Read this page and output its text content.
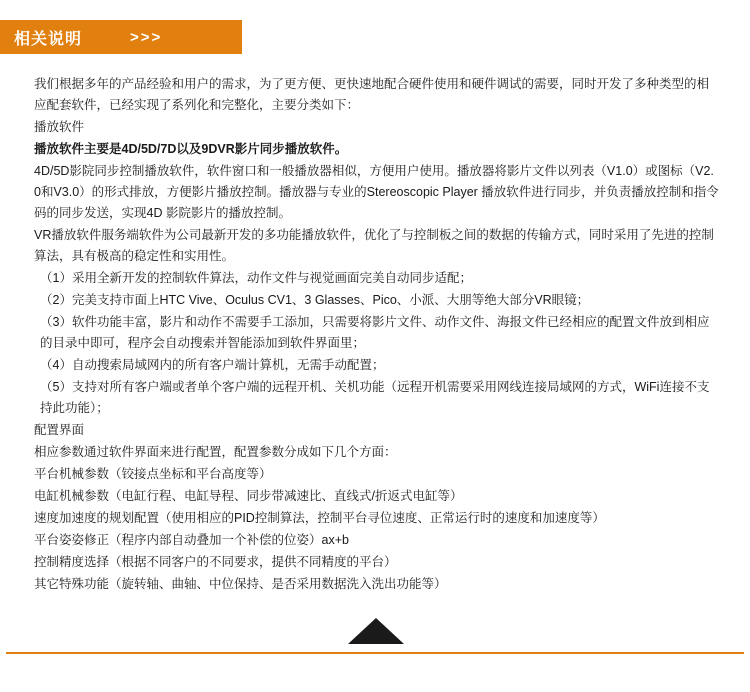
相关说明	>>>

我们根据多年的产品经验和用户的需求，为了更方便、更快速地配合硬件使用和硬件调试的需要，同时开发了多种类型的相应配套软件，已经实现了系列化和完整化，主要分类如下：

播放软件

播放软件主要是4D/5D/7D以及9DVR影片同步播放软件。

4D/5D影院同步控制播放软件，软件窗口和一般播放器相似，方便用户使用。播放器将影片文件以列表（V1.0）或图标（V2.0和V3.0）的形式排放，方便影片播放控制。播放器与专业的Stereoscopic Player 播放软件进行同步，并负责播放控制和指令码的同步发送，实现4D 影院影片的播放控制。

VR播放软件服务端软件为公司最新开发的多功能播放软件，优化了与控制板之间的数据的传输方式，同时采用了先进的控制算法，具有极高的稳定性和实用性。

（1）采用全新开发的控制软件算法，动作文件与视觉画面完美自动同步适配；

（2）完美支持市面上HTC Vive、Oculus CV1、3 Glasses、Pico、小派、大朋等绝大部分VR眼镜；

（3）软件功能丰富，影片和动作不需要手工添加，只需要将影片文件、动作文件、海报文件已经相应的配置文件放到相应的目录中即可，程序会自动搜索并智能添加到软件界面里；

（4）自动搜索局域网内的所有客户端计算机，无需手动配置；

（5）支持对所有客户端或者单个客户端的远程开机、关机功能（远程开机需要采用网线连接局域网的方式，WiFi连接不支持此功能）；

配置界面

相应参数通过软件界面来进行配置，配置参数分成如下几个方面：

平台机械参数（铰接点坐标和平台高度等）

电缸机械参数（电缸行程、电缸导程、同步带减速比、直线式/折返式电缸等）

速度加速度的规划配置（使用相应的PID控制算法，控制平台寻位速度、正常运行时的速度和加速度等）

平台姿姿修正（程序内部自动叠加一个补偿的位姿）ax+b

控制精度选择（根据不同客户的不同要求，提供不同精度的平台）

其它特殊功能（旋转轴、曲轴、中位保持、是否采用数据洗入洗出功能等）
